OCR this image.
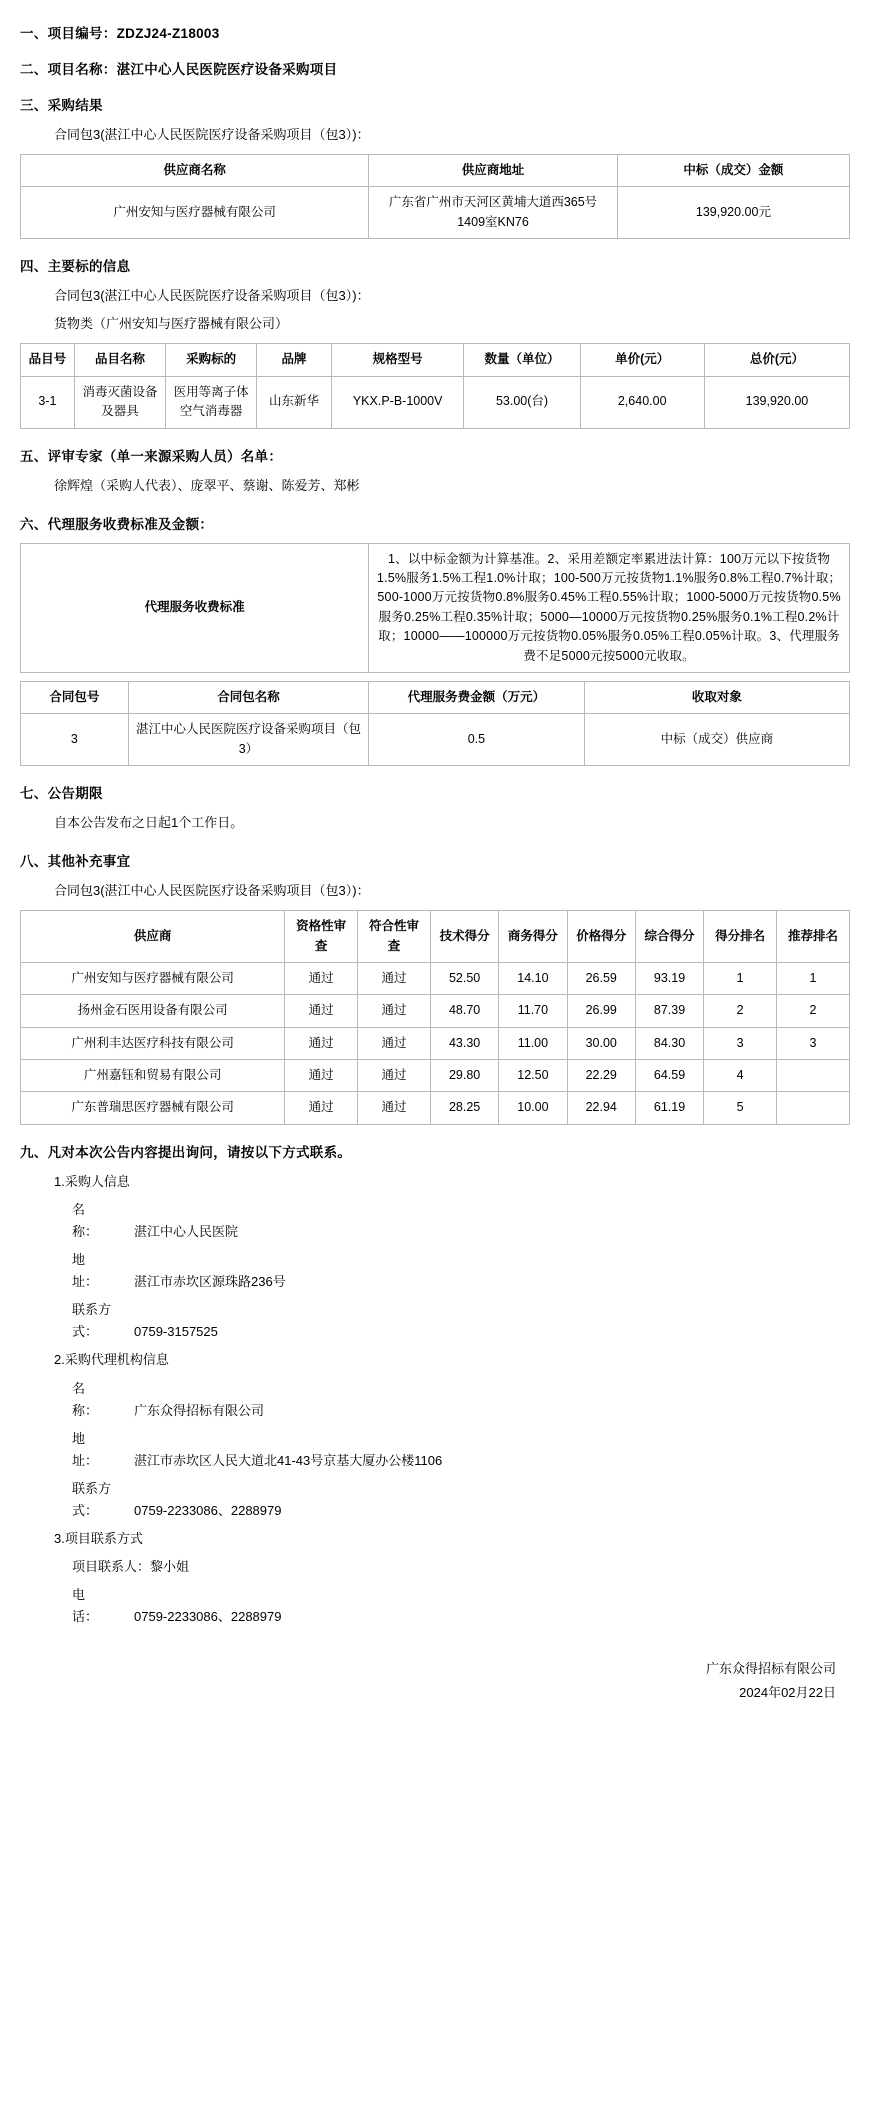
一、项目编号：ZDZJ24-Z18003
二、项目名称：湛江中心人民医院医疗设备采购项目
三、采购结果
合同包3(湛江中心人民医院医疗设备采购项目（包3）)：
供应商名称	供应商地址	中标（成交）金额
广州安知与医疗器械有限公司	广东省广州市天河区黄埔大道西365号1409室KN76	139,920.00元
四、主要标的信息
合同包3(湛江中心人民医院医疗设备采购项目（包3）)：
货物类（广州安知与医疗器械有限公司）
品目号	品目名称	采购标的	品牌	规格型号	数量（单位）	单价(元）	总价(元）
3-1	消毒灭菌设备及器具	医用等离子体空气消毒器	山东新华	YKX.P-B-1000V	53.00(台)	2,640.00	139,920.00
五、评审专家（单一来源采购人员）名单：
徐辉煌（采购人代表）、庞翠平、蔡谢、陈爱芳、郑彬
六、代理服务收费标准及金额：
代理服务收费标准	1、以中标金额为计算基准。2、采用差额定率累进法计算：100万元以下按货物1.5%服务1.5%工程1.0%计取；100-500万元按货物1.1%服务0.8%工程0.7%计取；500-1000万元按货物0.8%服务0.45%工程0.55%计取；1000-5000万元按货物0.5%服务0.25%工程0.35%计取；5000—10000万元按货物0.25%服务0.1%工程0.2%计取；10000——100000万元按货物0.05%服务0.05%工程0.05%计取。3、代理服务费不足5000元按5000元收取。
合同包号	合同包名称	代理服务费金额（万元）	收取对象
3	湛江中心人民医院医疗设备采购项目（包3）	0.5	中标（成交）供应商
七、公告期限
自本公告发布之日起1个工作日。
八、其他补充事宜
合同包3(湛江中心人民医院医疗设备采购项目（包3）)：
供应商	资格性审查	符合性审查	技术得分	商务得分	价格得分	综合得分	得分排名	推荐排名
广州安知与医疗器械有限公司	通过	通过	52.50	14.10	26.59	93.19	1	1
扬州金石医用设备有限公司	通过	通过	48.70	11.70	26.99	87.39	2	2
广州利丰达医疗科技有限公司	通过	通过	43.30	11.00	30.00	84.30	3	3
广州嘉钰和贸易有限公司	通过	通过	29.80	12.50	22.29	64.59	4	
广东普瑞思医疗器械有限公司	通过	通过	28.25	10.00	22.94	61.19	5	
九、凡对本次公告内容提出询问，请按以下方式联系。
1.采购人信息
名　　称：	湛江中心人民医院
地　　址：	湛江市赤坎区源珠路236号
联系方式：	0759-3157525
2.采购代理机构信息
名　　称：	广东众得招标有限公司
地　　址：	湛江市赤坎区人民大道北41-43号京基大厦办公楼1106
联系方式：	0759-2233086、2288979
3.项目联系方式
项目联系人：黎小姐
电　　话：	0759-2233086、2288979
广东众得招标有限公司
2024年02月22日
